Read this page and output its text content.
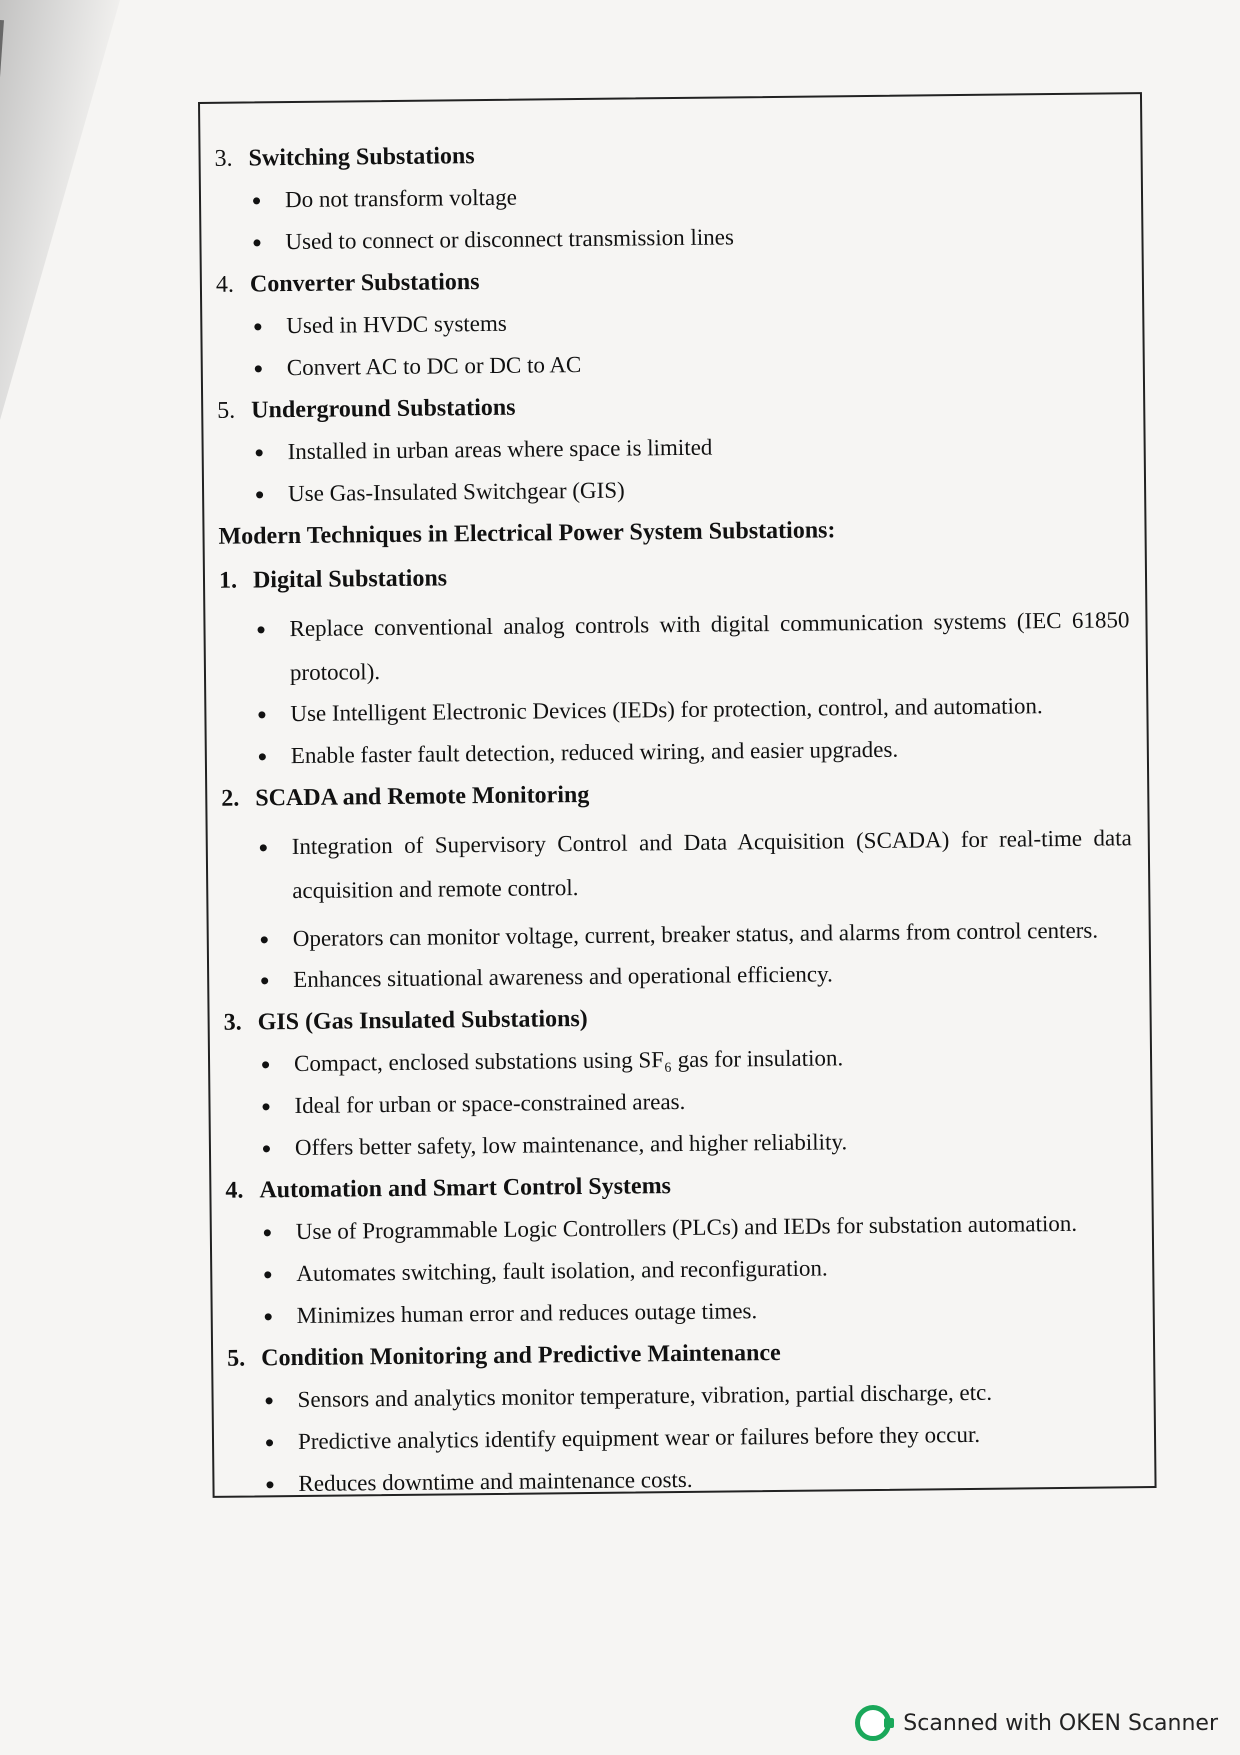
3. Switching Substations
Do not transform voltage
Used to connect or disconnect transmission lines
4. Converter Substations
Used in HVDC systems
Convert AC to DC or DC to AC
5. Underground Substations
Installed in urban areas where space is limited
Use Gas-Insulated Switchgear (GIS)
Modern Techniques in Electrical Power System Substations:
1. Digital Substations
Replace conventional analog controls with digital communication systems (IEC 61850 protocol).
Use Intelligent Electronic Devices (IEDs) for protection, control, and automation.
Enable faster fault detection, reduced wiring, and easier upgrades.
2. SCADA and Remote Monitoring
Integration of Supervisory Control and Data Acquisition (SCADA) for real-time data acquisition and remote control.
Operators can monitor voltage, current, breaker status, and alarms from control centers.
Enhances situational awareness and operational efficiency.
3. GIS (Gas Insulated Substations)
Compact, enclosed substations using SF₆ gas for insulation.
Ideal for urban or space-constrained areas.
Offers better safety, low maintenance, and higher reliability.
4. Automation and Smart Control Systems
Use of Programmable Logic Controllers (PLCs) and IEDs for substation automation.
Automates switching, fault isolation, and reconfiguration.
Minimizes human error and reduces outage times.
5. Condition Monitoring and Predictive Maintenance
Sensors and analytics monitor temperature, vibration, partial discharge, etc.
Predictive analytics identify equipment wear or failures before they occur.
Reduces downtime and maintenance costs.
Scanned with OKEN Scanner
